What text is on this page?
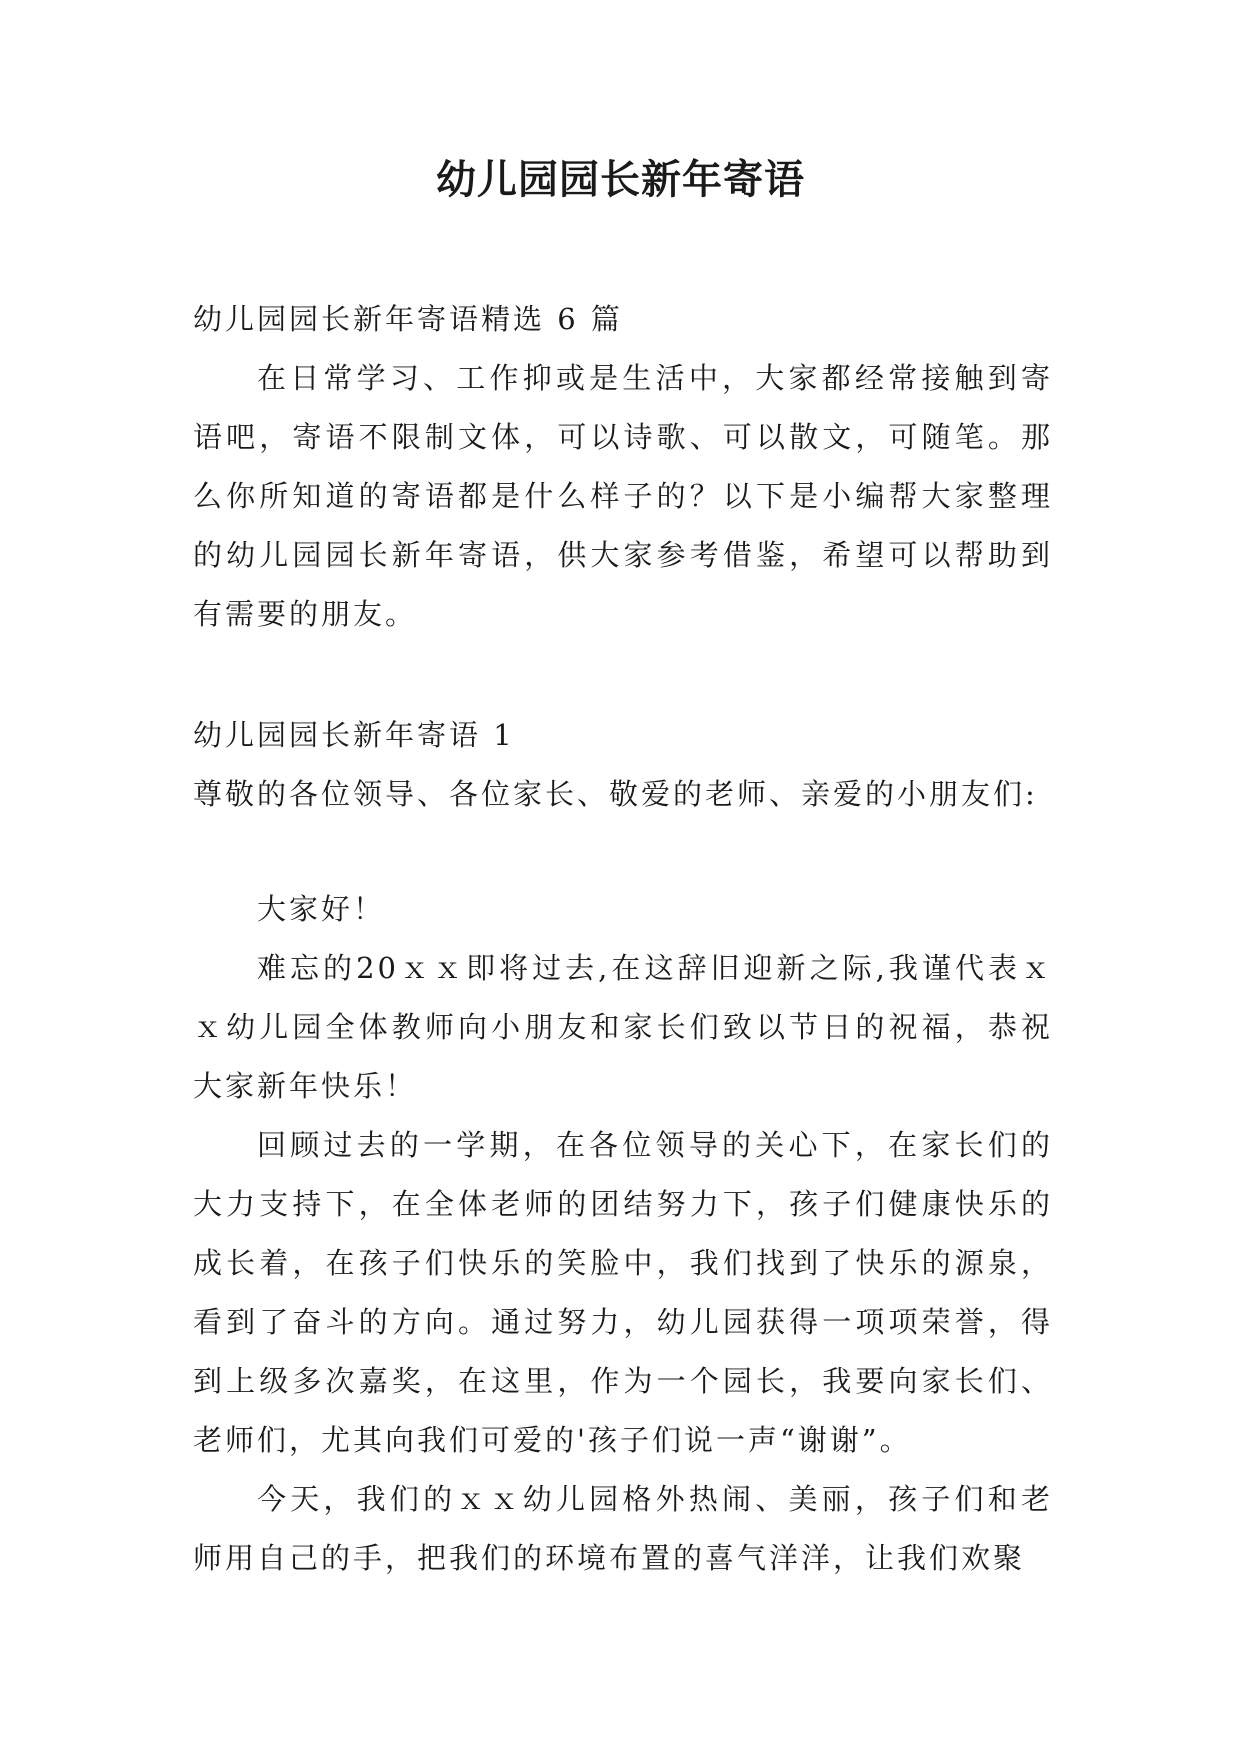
幼儿园园长新年寄语

幼儿园园长新年寄语精选 6 篇

在日常学习、工作抑或是生活中，大家都经常接触到寄语吧，寄语不限制文体，可以诗歌、可以散文，可随笔。那么你所知道的寄语都是什么样子的？以下是小编帮大家整理的幼儿园园长新年寄语，供大家参考借鉴，希望可以帮助到有需要的朋友。

幼儿园园长新年寄语 1

尊敬的各位领导、各位家长、敬爱的老师、亲爱的小朋友们:

大家好！

难忘的20ｘｘ即将过去,在这辞旧迎新之际,我谨代表ｘｘ幼儿园全体教师向小朋友和家长们致以节日的祝福，恭祝大家新年快乐！

回顾过去的一学期，在各位领导的关心下，在家长们的大力支持下，在全体老师的团结努力下，孩子们健康快乐的成长着，在孩子们快乐的笑脸中，我们找到了快乐的源泉，看到了奋斗的方向。通过努力，幼儿园获得一项项荣誉，得到上级多次嘉奖，在这里，作为一个园长，我要向家长们、老师们，尤其向我们可爱的'孩子们说一声“谢谢”。

今天，我们的ｘｘ幼儿园格外热闹、美丽，孩子们和老师用自己的手，把我们的环境布置的喜气洋洋，让我们欢聚
